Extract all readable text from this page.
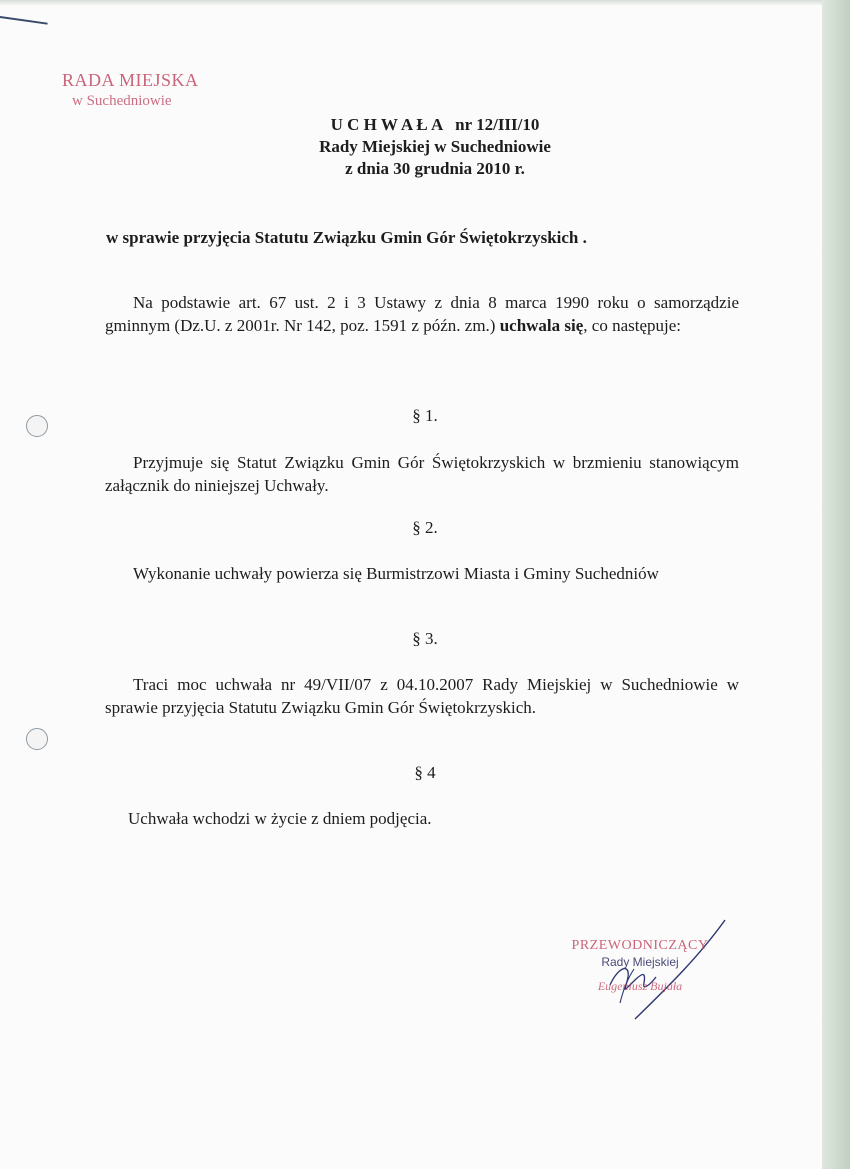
RADA MIEJSKA
w Suchedniowie
U C H W A Ł A   nr 12/III/10
Rady Miejskiej w Suchedniowie
z dnia 30 grudnia 2010 r.
w sprawie przyjęcia Statutu Związku Gmin Gór Świętokrzyskich .
Na podstawie art. 67 ust. 2 i 3 Ustawy z dnia 8 marca 1990 roku o samorządzie gminnym (Dz.U. z 2001r. Nr 142, poz. 1591 z późn. zm.) uchwala się, co następuje:
§ 1.
Przyjmuje się Statut Związku Gmin Gór Świętokrzyskich w brzmieniu stanowiącym załącznik do niniejszej Uchwały.
§ 2.
Wykonanie uchwały powierza się Burmistrzowi Miasta i Gminy Suchedniów
§ 3.
Traci moc uchwała nr 49/VII/07 z 04.10.2007 Rady Miejskiej w Suchedniowie w sprawie przyjęcia Statutu Związku Gmin Gór Świętokrzyskich.
§ 4
Uchwała wchodzi w życie z dniem podjęcia.
PRZEWODNICZĄCY
Rady Miejskiej
Eugeniusz Bujała
